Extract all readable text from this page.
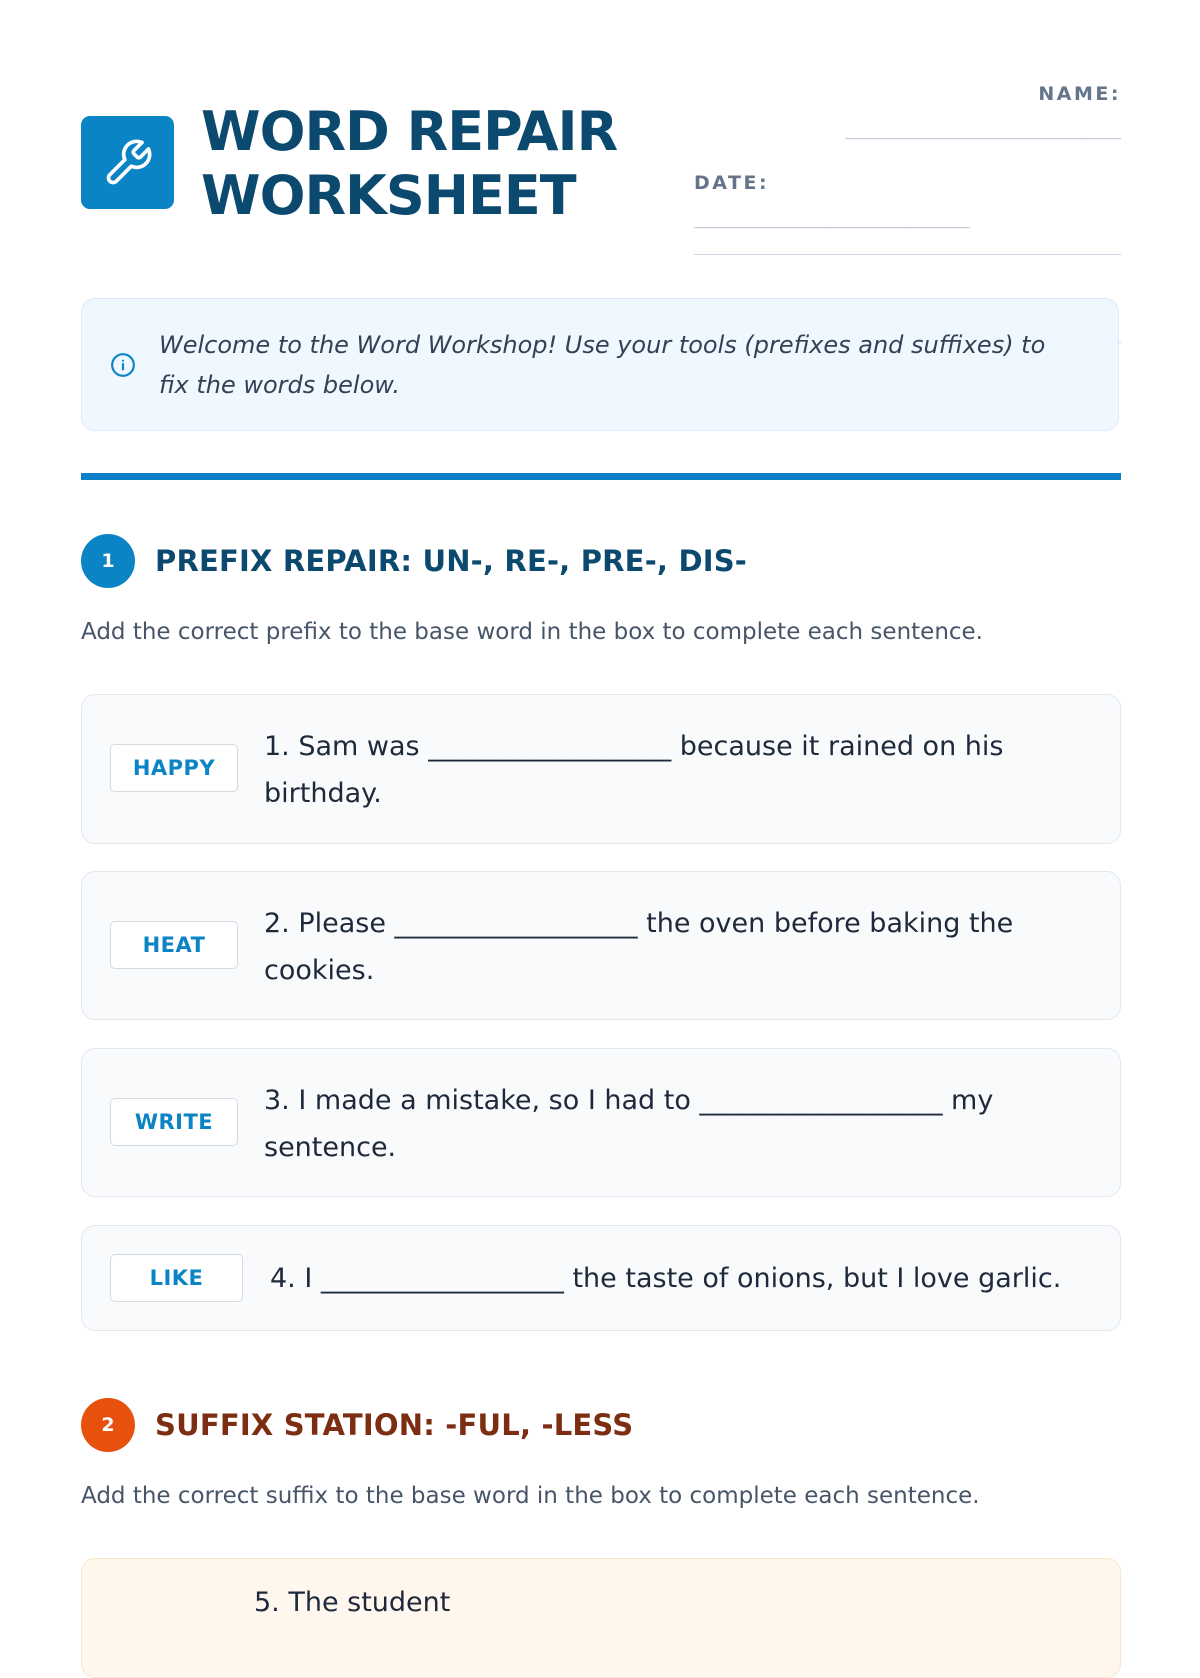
WORD REPAIR
WORKSHEET
NAME:
___________________________
DATE:
___________________________
Welcome to the Word Workshop! Use your tools (prefixes and suffixes) to fix the words below.
1	PREFIX REPAIR: UN-, RE-, PRE-, DIS-
Add the correct prefix to the base word in the box to complete each sentence.
HAPPY
1. Sam was __________________ because it rained on his birthday.
HEAT
2. Please __________________ the oven before baking the cookies.
WRITE
3. I made a mistake, so I had to __________________ my sentence.
LIKE	4. I __________________ the taste of onions, but I love garlic.
2	SUFFIX STATION: -FUL, -LESS
Add the correct suffix to the base word in the box to complete each sentence.
5. The student
